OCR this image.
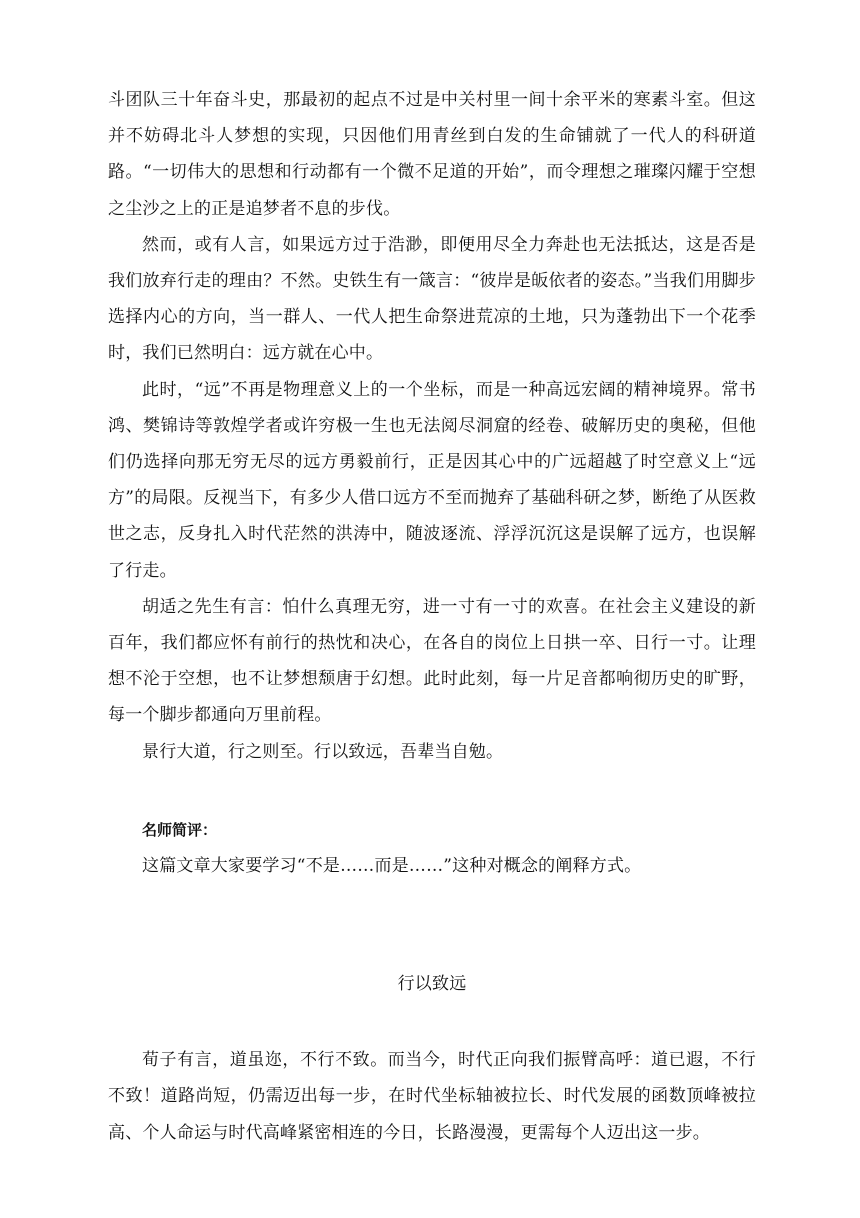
斗团队三十年奋斗史，那最初的起点不过是中关村里一间十余平米的寒素斗室。但这并不妨碍北斗人梦想的实现，只因他们用青丝到白发的生命铺就了一代人的科研道路。“一切伟大的思想和行动都有一个微不足道的开始”，而令理想之璀璨闪耀于空想之尘沙之上的正是追梦者不息的步伐。

然而，或有人言，如果远方过于浩渺，即便用尽全力奔赴也无法抵达，这是否是我们放弃行走的理由？不然。史铁生有一箴言：“彼岸是皈依者的姿态。”当我们用脚步选择内心的方向，当一群人、一代人把生命祭进荒凉的土地，只为蓬勃出下一个花季时，我们已然明白：远方就在心中。

此时，“远”不再是物理意义上的一个坐标，而是一种高远宏阔的精神境界。常书鸿、樊锦诗等敦煌学者或许穷极一生也无法阅尽洞窟的经卷、破解历史的奥秘，但他们仍选择向那无穷无尽的远方勇毅前行，正是因其心中的广远超越了时空意义上“远方”的局限。反视当下，有多少人借口远方不至而抛弃了基础科研之梦，断绝了从医救世之志，反身扎入时代茫然的洪涛中，随波逐流、浮浮沉沉这是误解了远方，也误解了行走。

胡适之先生有言：怕什么真理无穷，进一寸有一寸的欢喜。在社会主义建设的新百年，我们都应怀有前行的热忱和决心，在各自的岗位上日拱一卒、日行一寸。让理想不沦于空想，也不让梦想颓唐于幻想。此时此刻，每一片足音都响彻历史的旷野，每一个脚步都通向万里前程。

景行大道，行之则至。行以致远，吾辈当自勉。

名师简评：

这篇文章大家要学习“不是……而是……”这种对概念的阐释方式。

行以致远

荀子有言，道虽迩，不行不致。而当今，时代正向我们振臂高呼：道已遐，不行不致！道路尚短，仍需迈出每一步，在时代坐标轴被拉长、时代发展的函数顶峰被拉高、个人命运与时代高峰紧密相连的今日，长路漫漫，更需每个人迈出这一步。
